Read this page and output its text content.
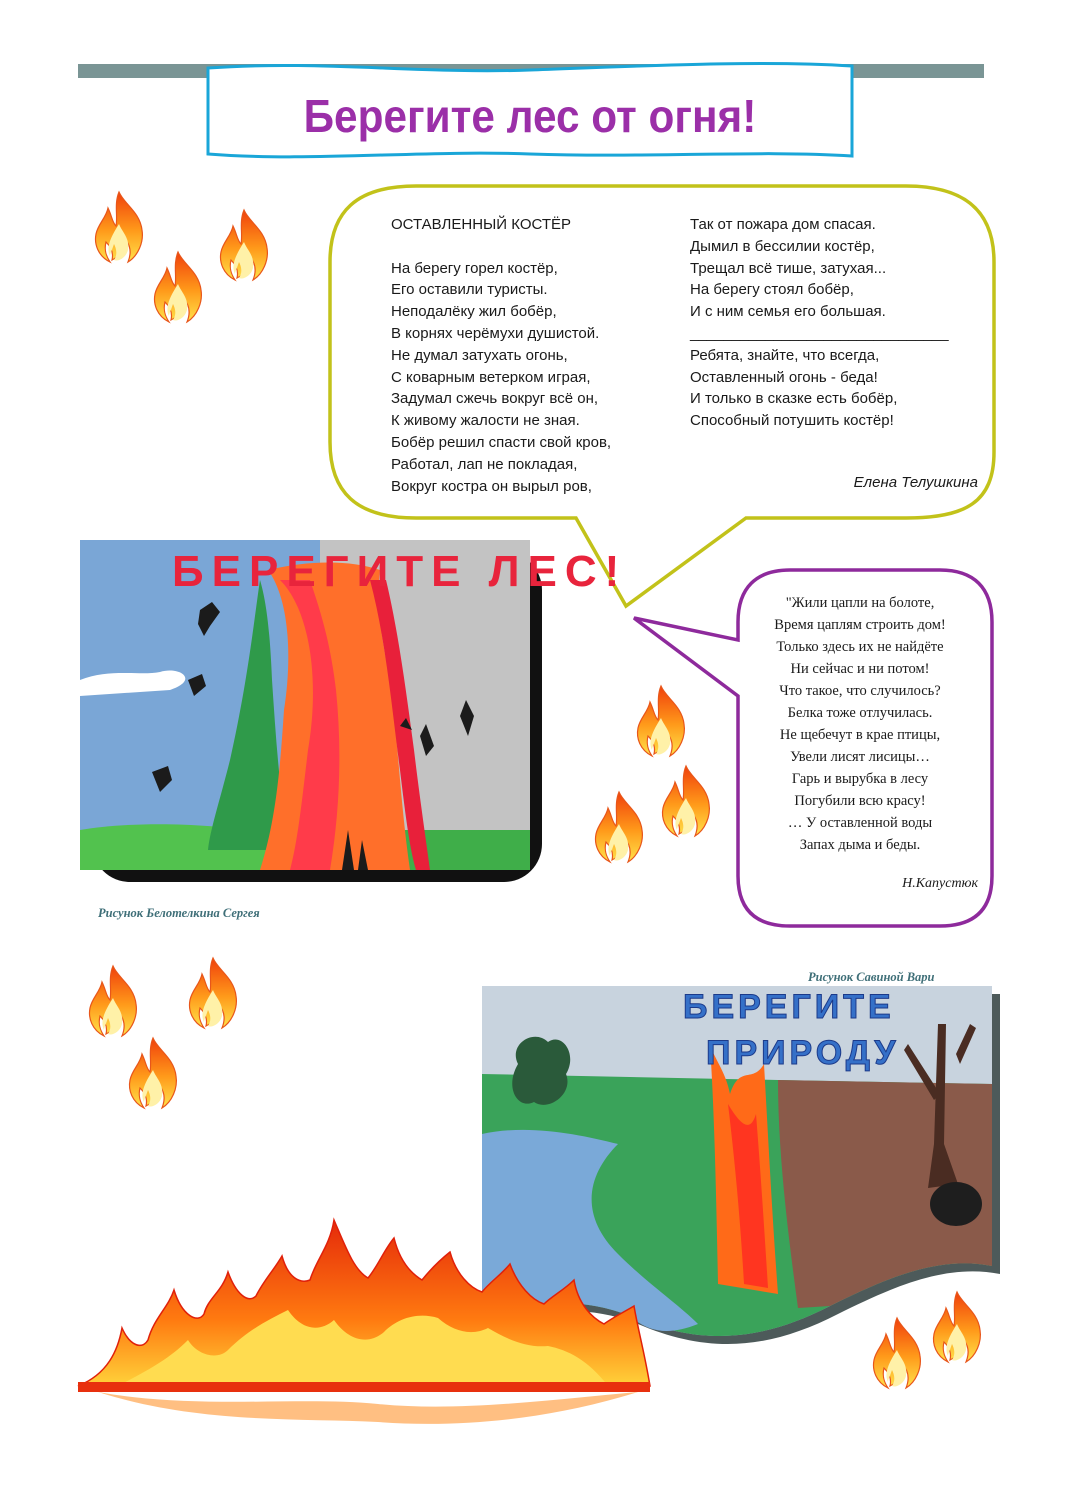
Берегите лес от огня!
ОСТАВЛЕННЫЙ КОСТЁР

На берегу горел костёр,
Его оставили туристы.
Неподалёку жил бобёр,
В корнях черёмухи душистой.
Не думал затухать огонь,
С коварным ветерком играя,
Задумал сжечь вокруг всё он,
К живому жалости не зная.
Бобёр решил спасти свой кров,
Работал, лап не покладая,
Вокруг костра он вырыл ров,
Так от пожара дом спасая.
Дымил в бессилии костёр,
Трещал всё тише, затухая...
На берегу стоял бобёр,
И с ним семья его большая.
_______________________________
Ребята, знайте, что всегда,
Оставленный огонь - беда!
И только в сказке есть бобёр,
Способный потушить костёр!
Елена Телушкина
БЕРЕГИТЕ ЛЕС!
Рисунок Белотелкина Сергея
"Жили цапли на болоте,
Время цаплям строить дом!
Только здесь их не найдёте
Ни сейчас и ни потом!
Что такое, что случилось?
Белка тоже отлучилась.
Не щебечут в крае птицы,
Увели лисят лисицы…
Гарь и вырубка в лесу
Погубили всю красу!
… У оставленной воды
Запах дыма и беды.
Н.Капустюк
Рисунок Савиной Вари
БЕРЕГИТЕ
ПРИРОДУ
